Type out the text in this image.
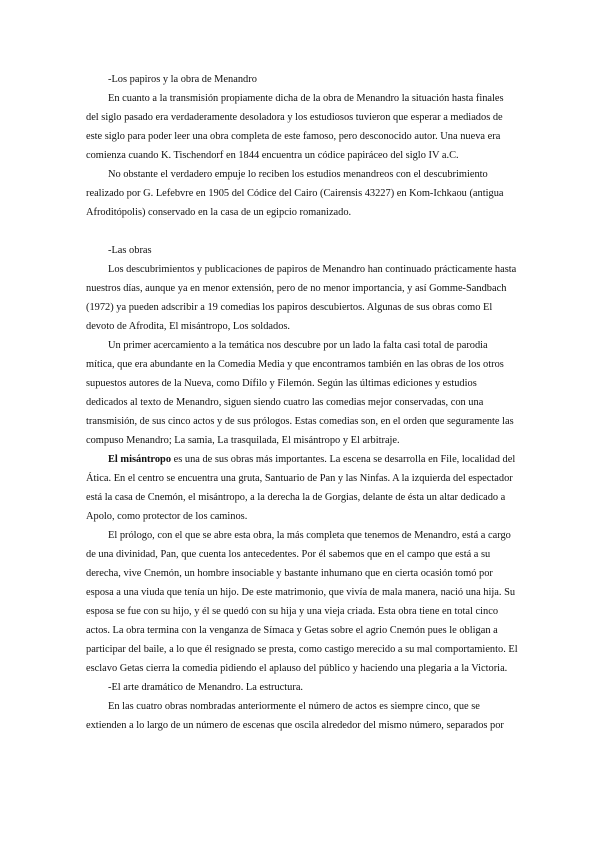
-Los papiros y la obra de Menandro

En cuanto a la transmisión propiamente dicha de la obra de Menandro la situación hasta finales del siglo pasado era verdaderamente desoladora y los estudiosos tuvieron que esperar a mediados de este siglo para poder leer una obra completa de este famoso, pero desconocido autor. Una nueva era comienza cuando K. Tischendorf en 1844 encuentra un códice papiráceo del siglo IV a.C.

No obstante el verdadero empuje lo reciben los estudios menandreos con el descubrimiento realizado por G. Lefebvre en 1905 del Códice del Cairo (Cairensis 43227) en Kom-Ichkaou (antigua Afroditópolis) conservado en la casa de un egipcio romanizado.

-Las obras

Los descubrimientos y publicaciones de papiros de Menandro han continuado prácticamente hasta nuestros días, aunque ya en menor extensión, pero de no menor importancia, y así Gomme-Sandbach (1972) ya pueden adscribir a 19 comedias los papiros descubiertos. Algunas de sus obras como El devoto de Afrodita, El misántropo, Los soldados.

Un primer acercamiento a la temática nos descubre por un lado la falta casi total de parodia mítica, que era abundante en la Comedia Media y que encontramos también en las obras de los otros supuestos autores de la Nueva, como Dífilo y Filemón. Según las últimas ediciones y estudios dedicados al texto de Menandro, siguen siendo cuatro las comedias mejor conservadas, con una transmisión, de sus cinco actos y de sus prólogos. Estas comedias son, en el orden que seguramente las compuso Menandro; La samia, La trasquilada, El misántropo y El arbitraje.

El misántropo es una de sus obras más importantes. La escena se desarrolla en File, localidad del Ática. En el centro se encuentra una gruta, Santuario de Pan y las Ninfas. A la izquierda del espectador está la casa de Cnemón, el misántropo, a la derecha la de Gorgias, delante de ésta un altar dedicado a Apolo, como protector de los caminos.

El prólogo, con el que se abre esta obra, la más completa que tenemos de Menandro, está a cargo de una divinidad, Pan, que cuenta los antecedentes. Por él sabemos que en el campo que está a su derecha, vive Cnemón, un hombre insociable y bastante inhumano que en cierta ocasión tomó por esposa a una viuda que tenía un hijo. De este matrimonio, que vivía de mala manera, nació una hija. Su esposa se fue con su hijo, y él se quedó con su hija y una vieja criada. Esta obra tiene en total cinco actos. La obra termina con la venganza de Símaca y Getas sobre el agrio Cnemón pues le obligan a participar del baile, a lo que él resignado se presta, como castigo merecido a su mal comportamiento. El esclavo Getas cierra la comedia pidiendo el aplauso del público y haciendo una plegaria a la Victoria.

-El arte dramático de Menandro. La estructura.

En las cuatro obras nombradas anteriormente el número de actos es siempre cinco, que se extienden a lo largo de un número de escenas que oscila alrededor del mismo número, separados por
